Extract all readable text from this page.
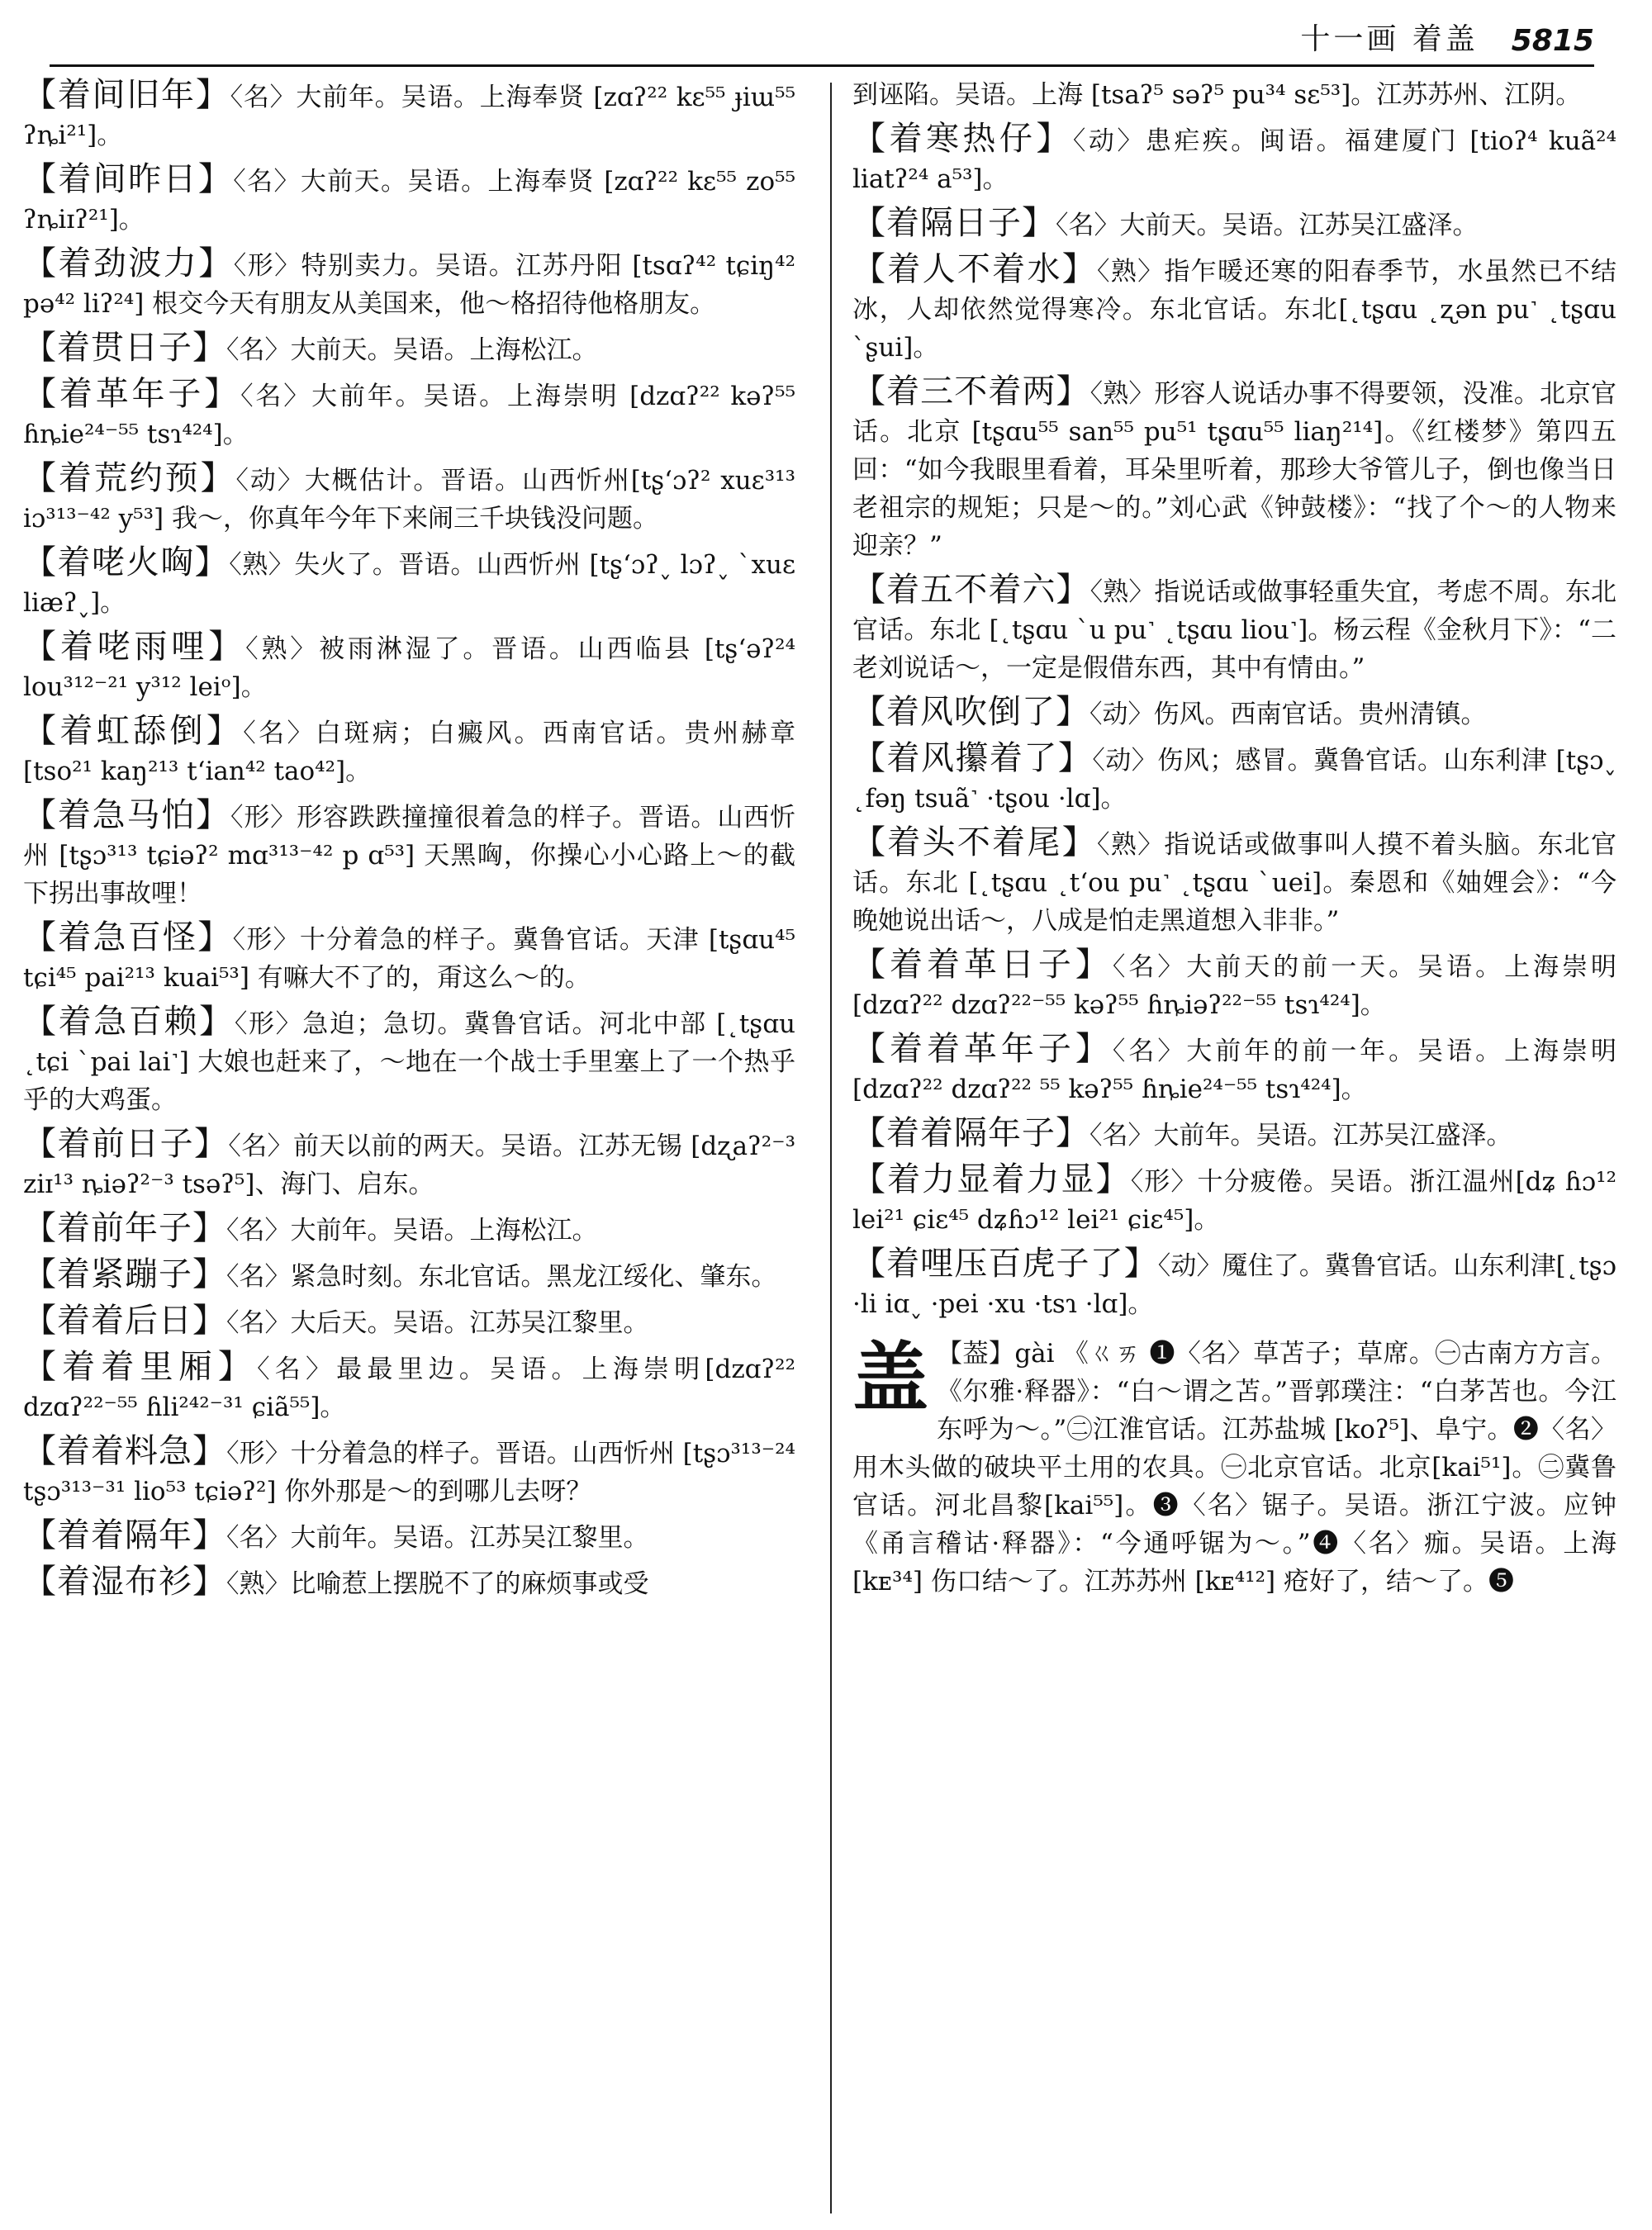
十一画 着盖 5815
【着间旧年】〈名〉大前年。吴语。上海奉贤 [zɑʔ²² kɛ⁵⁵ ɟiɯ⁵⁵ ʔȵi²¹]。
【着间昨日】〈名〉大前天。吴语。上海奉贤 [zɑʔ²² kɛ⁵⁵ zo⁵⁵ ʔȵiɪʔ²¹]。
【着劲波力】〈形〉特别卖力。吴语。江苏丹阳 [tsɑʔ⁴² tɕiŋ⁴² pə⁴² liʔ²⁴] 根交今天有朋友从美国来，他～格招待他格朋友。
【着贯日子】〈名〉大前天。吴语。上海松江。
【着革年子】〈名〉大前年。吴语。上海崇明 [dzɑʔ²² kəʔ⁵⁵ ɦȵie²⁴⁻⁵⁵ tsɿ⁴²⁴]。
【着荒约预】〈动〉大概估计。晋语。山西忻州[tʂʻɔʔ² xuɛ³¹³ iɔ³¹³⁻⁴² y⁵³] 我～，你真年今年下来闹三千块钱没问题。
【着咾火哅】〈熟〉失火了。晋语。山西忻州 [tʂʻɔʔ˯ lɔʔ˯ ˋxuɛ liæʔ˯]。
【着咾雨哩】〈熟〉被雨淋湿了。晋语。山西临县 [tʂʻəʔ²⁴ lou³¹²⁻²¹ y³¹² leiᵒ]。
【着虹舔倒】〈名〉白斑病；白癜风。西南官话。贵州赫章 [tso²¹ kaŋ²¹³ tʻian⁴² tao⁴²]。
【着急马怕】〈形〉形容跌跌撞撞很着急的样子。晋语。山西忻州 [tʂɔ³¹³ tɕiəʔ² mɑ³¹³⁻⁴² p ɑ⁵³] 天黑哅，你操心小心路上～的截下拐出事故哩！
【着急百怪】〈形〉十分着急的样子。冀鲁官话。天津 [tʂɑu⁴⁵ tɕi⁴⁵ pai²¹³ kuai⁵³] 有嘛大不了的，甭这么～的。
【着急百赖】〈形〉急迫；急切。冀鲁官话。河北中部 [˛tʂɑu ˛tɕi ˋpai lai˺] 大娘也赶来了，～地在一个战士手里塞上了一个热乎乎的大鸡蛋。
【着前日子】〈名〉前天以前的两天。吴语。江苏无锡 [dʐaʔ²⁻³ ziɪ¹³ ȵiəʔ²⁻³ tsəʔ⁵]、海门、启东。
【着前年子】〈名〉大前年。吴语。上海松江。
【着紧蹦子】〈名〉紧急时刻。东北官话。黑龙江绥化、肇东。
【着着后日】〈名〉大后天。吴语。江苏吴江黎里。
【着着里厢】〈名〉最最里边。吴语。上海崇明[dzɑʔ²² dzɑʔ²²⁻⁵⁵ ɦli²⁴²⁻³¹ ɕiã⁵⁵]。
【着着料急】〈形〉十分着急的样子。晋语。山西忻州 [tʂɔ³¹³⁻²⁴ tʂɔ³¹³⁻³¹ lio⁵³ tɕiəʔ²] 你外那是～的到哪儿去呀？
【着着隔年】〈名〉大前年。吴语。江苏吴江黎里。
【着湿布衫】〈熟〉比喻惹上摆脱不了的麻烦事或受
到诬陷。吴语。上海 [tsaʔ⁵ səʔ⁵ pu³⁴ sɛ⁵³]。江苏苏州、江阴。
【着寒热仔】〈动〉患疟疾。闽语。福建厦门 [tioʔ⁴ kuã²⁴ liatʔ²⁴ a⁵³]。
【着隔日子】〈名〉大前天。吴语。江苏吴江盛泽。
【着人不着水】〈熟〉指乍暖还寒的阳春季节，水虽然已不结冰，人却依然觉得寒冷。东北官话。东北[˛tʂɑu ˛ʐən pu˺ ˛tʂɑu ˋʂui]。
【着三不着两】〈熟〉形容人说话办事不得要领，没准。北京官话。北京 [tʂɑu⁵⁵ san⁵⁵ pu⁵¹ tʂɑu⁵⁵ liaŋ²¹⁴]。《红楼梦》第四五回：“如今我眼里看着，耳朵里听着，那珍大爷管儿子，倒也像当日老祖宗的规矩；只是～的。”刘心武《钟鼓楼》：“找了个～的人物来迎亲？”
【着五不着六】〈熟〉指说话或做事轻重失宜，考虑不周。东北官话。东北 [˛tʂɑu ˋu pu˺ ˛tʂɑu liou˺]。杨云程《金秋月下》：“二老刘说话～，一定是假借东西，其中有情由。”
【着风吹倒了】〈动〉伤风。西南官话。贵州清镇。
【着风攥着了】〈动〉伤风；感冒。冀鲁官话。山东利津 [tʂɔ˯ ˛fəŋ tsuã˺ ·tʂou ·lɑ]。
【着头不着尾】〈熟〉指说话或做事叫人摸不着头脑。东北官话。东北 [˛tʂɑu ˛tʻou pu˺ ˛tʂɑu ˋuei]。秦恩和《妯娌会》：“今晚她说出话～，八成是怕走黑道想入非非。”
【着着革日子】〈名〉大前天的前一天。吴语。上海崇明[dzɑʔ²² dzɑʔ²²⁻⁵⁵ kəʔ⁵⁵ ɦȵiəʔ²²⁻⁵⁵ tsɿ⁴²⁴]。
【着着革年子】〈名〉大前年的前一年。吴语。上海崇明 [dzɑʔ²² dzɑʔ²² ⁵⁵ kəʔ⁵⁵ ɦȵie²⁴⁻⁵⁵ tsɿ⁴²⁴]。
【着着隔年子】〈名〉大前年。吴语。江苏吴江盛泽。
【着力显着力显】〈形〉十分疲倦。吴语。浙江温州[dʑ ɦɔ¹² lei²¹ ɕiɛ⁴⁵ dʑɦɔ¹² lei²¹ ɕiɛ⁴⁵]。
【着哩压百虎子了】〈动〉魇住了。冀鲁官话。山东利津[˛tʂɔ ·li iɑ˯ ·pei ·xu ·tsɿ ·lɑ]。
盖 【葢】gài 《ㄍㄞ ❶〈名〉草苫子；草席。㊀古南方方言。《尔雅·释器》：“白～谓之苫。”晋郭璞注：“白茅苫也。今江东呼为～。”㊁江淮官话。江苏盐城 [koʔ⁵]、阜宁。❷〈名〉用木头做的破块平土用的农具。㊀北京官话。北京[kai⁵¹]。㊁冀鲁官话。河北昌黎[kai⁵⁵]。❸〈名〉锯子。吴语。浙江宁波。应钟《甬言稽诂·释器》：“今通呼锯为～。”❹〈名〉痂。吴语。上海 [kᴇ³⁴] 伤口结～了。江苏苏州 [kᴇ⁴¹²] 疮好了，结～了。❺
